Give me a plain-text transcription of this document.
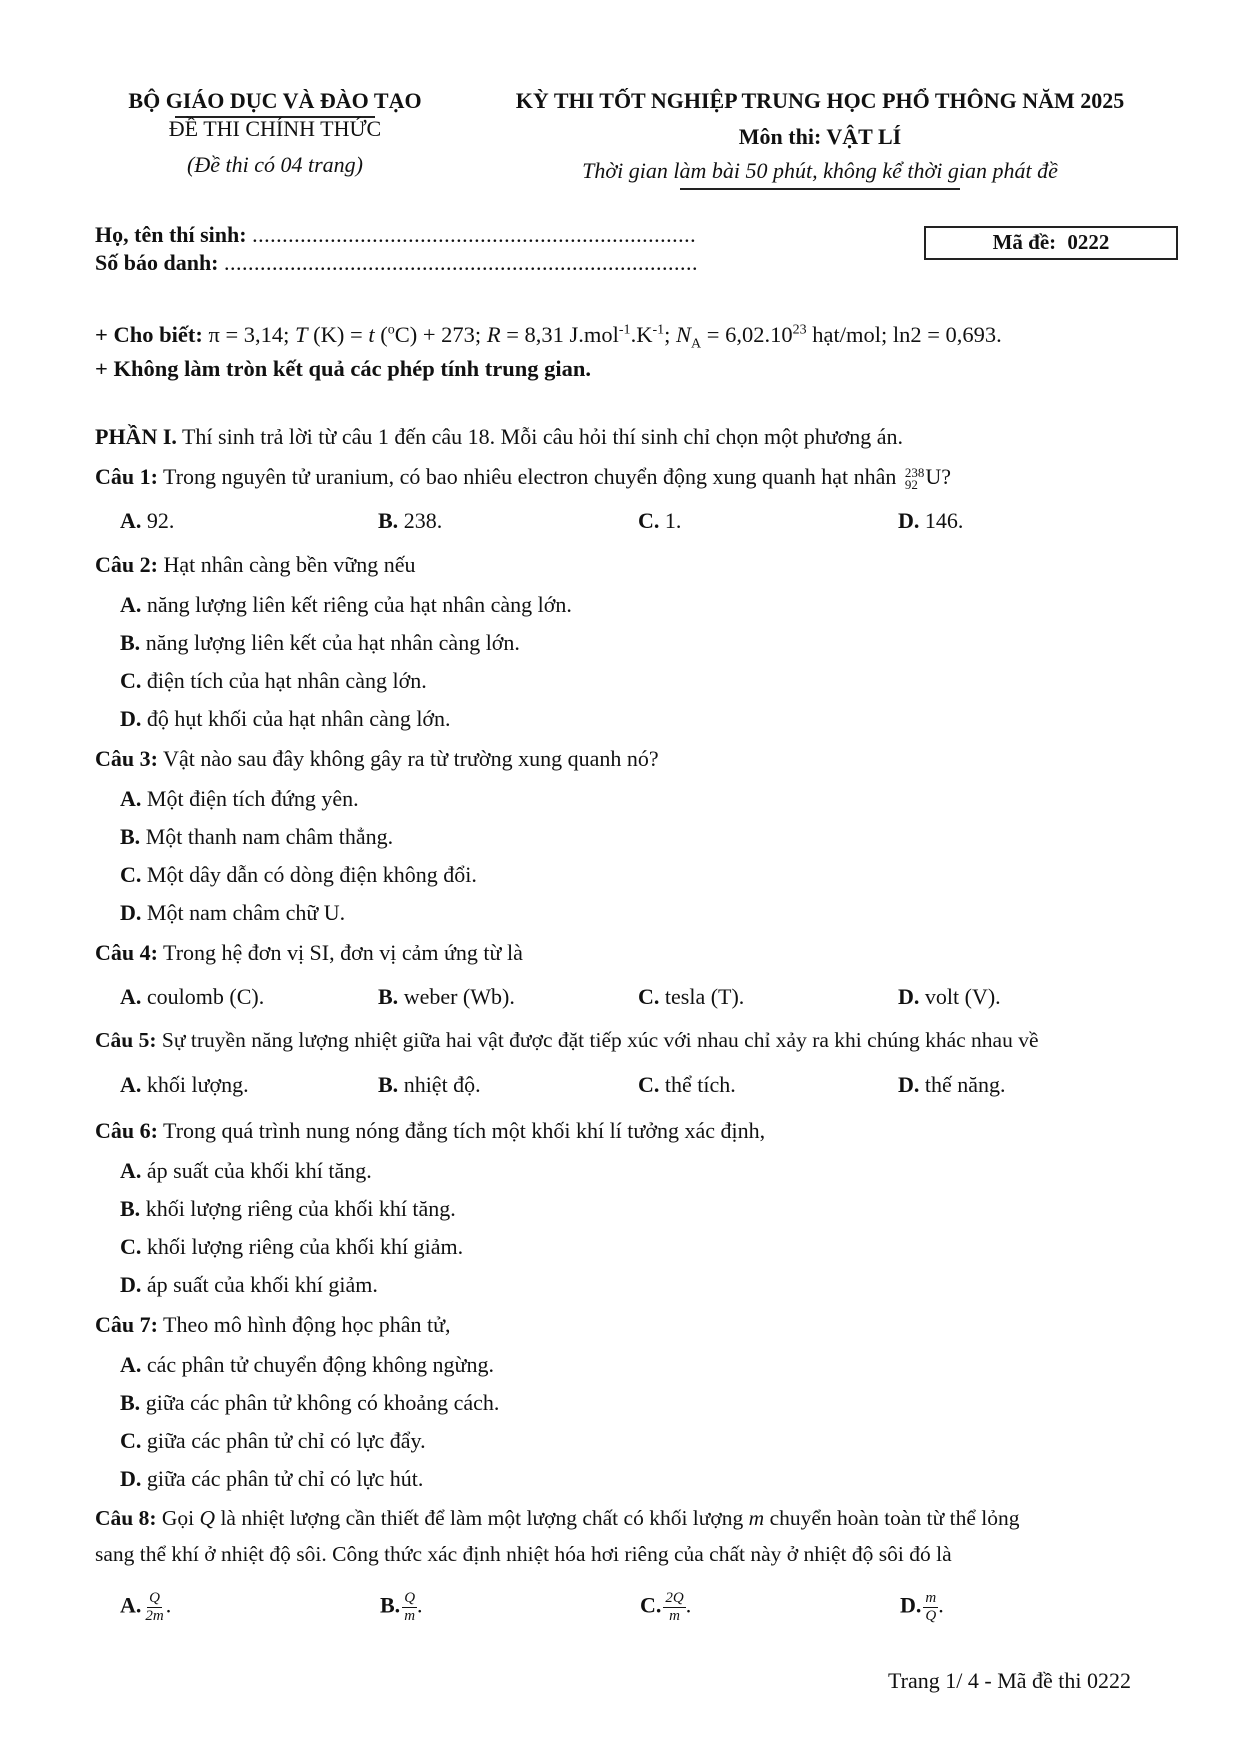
BỘ GIÁO DỤC VÀ ĐÀO TẠO
ĐỀ THI CHÍNH THỨC
(Đề thi có 04 trang)
KỲ THI TỐT NGHIỆP TRUNG HỌC PHỔ THÔNG NĂM 2025
Môn thi: VẬT LÍ
Thời gian làm bài 50 phút, không kể thời gian phát đề
Họ, tên thí sinh: ..........................................................................
Số báo danh: ...............................................................................
Mã đề: 0222
+ Cho biết: π = 3,14; T (K) = t ($^o$C) + 273; R = 8,31 $J.mol^{-1}.K^{-1}$; $N_A = 6,02.10^{23}$ hạt/mol; ln2 = 0,693.
+ Không làm tròn kết quả các phép tính trung gian.
PHẦN I. Thí sinh trả lời từ câu 1 đến câu 18. Mỗi câu hỏi thí sinh chỉ chọn một phương án.
Câu 1: Trong nguyên tử uranium, có bao nhiêu electron chuyển động xung quanh hạt nhân 238
92 U?
A. 92.	B. 238.	C. 1.	D. 146.
Câu 2: Hạt nhân càng bền vững nếu
A. năng lượng liên kết riêng của hạt nhân càng lớn.
B. năng lượng liên kết của hạt nhân càng lớn.
C. điện tích của hạt nhân càng lớn.
D. độ hụt khối của hạt nhân càng lớn.
Câu 3: Vật nào sau đây không gây ra từ trường xung quanh nó?
A. Một điện tích đứng yên.
B. Một thanh nam châm thẳng.
C. Một dây dẫn có dòng điện không đổi.
D. Một nam châm chữ U.
Câu 4: Trong hệ đơn vị SI, đơn vị cảm ứng từ là
A. coulomb (C).	B. weber (Wb).	C. tesla (T).	D. volt (V).
Câu 5: Sự truyền năng lượng nhiệt giữa hai vật được đặt tiếp xúc với nhau chỉ xảy ra khi chúng khác nhau về
A. khối lượng.	B. nhiệt độ.	C. thể tích.	D. thế năng.
Câu 6: Trong quá trình nung nóng đẳng tích một khối khí lí tưởng xác định,
A. áp suất của khối khí tăng.
B. khối lượng riêng của khối khí tăng.
C. khối lượng riêng của khối khí giảm.
D. áp suất của khối khí giảm.
Câu 7: Theo mô hình động học phân tử,
A. các phân tử chuyển động không ngừng.
B. giữa các phân tử không có khoảng cách.
C. giữa các phân tử chỉ có lực đẩy.
D. giữa các phân tử chỉ có lực hút.
Câu 8: Gọi Q là nhiệt lượng cần thiết để làm một lượng chất có khối lượng m chuyển hoàn toàn từ thể lỏng
sang thể khí ở nhiệt độ sôi. Công thức xác định nhiệt hóa hơi riêng của chất này ở nhiệt độ sôi đó là
A. $\frac{Q}{2m}$ .	B. $\frac{Q}{m}$ .	C. $\frac{2Q}{m}$ .	D. $\frac{m}{Q}$ .
Trang 1/ 4 - Mã đề thi 0222
